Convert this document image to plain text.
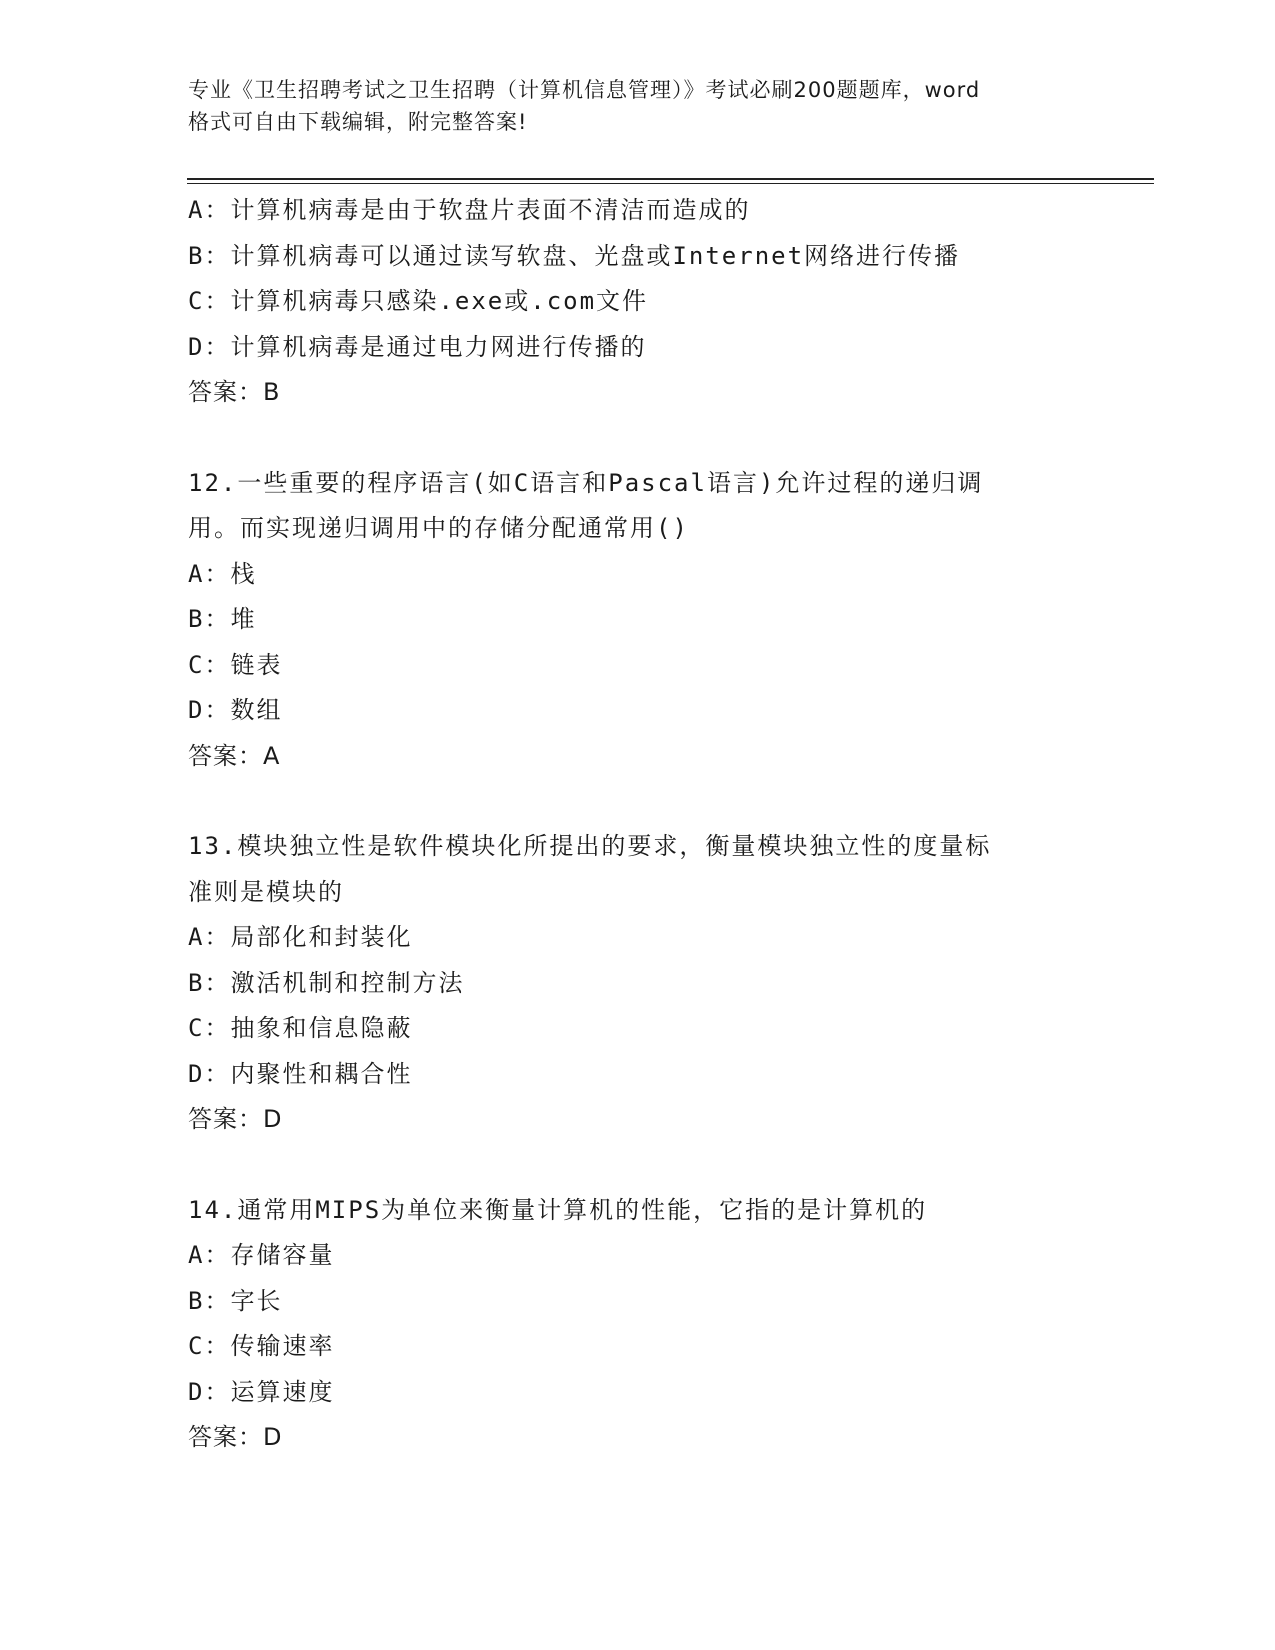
专业《卫生招聘考试之卫生招聘（计算机信息管理）》考试必刷200题题库，word
格式可自由下载编辑，附完整答案!
A：计算机病毒是由于软盘片表面不清洁而造成的
B：计算机病毒可以通过读写软盘、光盘或Internet网络进行传播
C：计算机病毒只感染.exe或.com文件
D：计算机病毒是通过电力网进行传播的
答案：B
12.一些重要的程序语言(如C语言和Pascal语言)允许过程的递归调
用。而实现递归调用中的存储分配通常用()
A：栈
B：堆
C：链表
D：数组
答案：A
13.模块独立性是软件模块化所提出的要求，衡量模块独立性的度量标
准则是模块的
A：局部化和封装化
B：激活机制和控制方法
C：抽象和信息隐蔽
D：内聚性和耦合性
答案：D
14.通常用MIPS为单位来衡量计算机的性能，它指的是计算机的
A：存储容量
B：字长
C：传输速率
D：运算速度
答案：D
